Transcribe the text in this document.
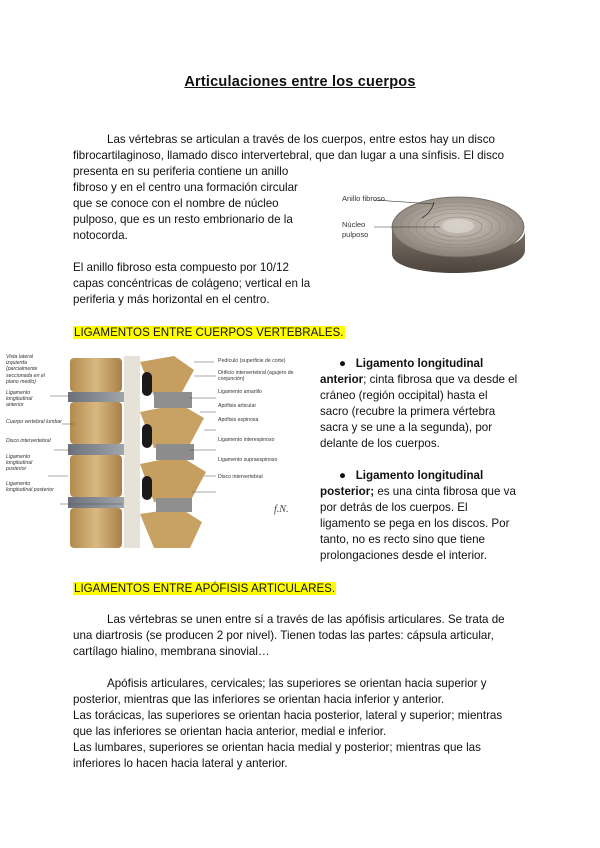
Articulaciones entre los cuerpos
Las vértebras se articulan a través de los cuerpos, entre estos hay un disco
fibrocartilaginoso, llamado disco intervertebral, que dan lugar a una sínfisis. El disco
presenta en su periferia contiene un anillo
fibroso y en el centro una formación circular
que se conoce con el nombre de núcleo
pulposo, que es un resto embrionario de la
notocorda.
El anillo fibroso esta compuesto por 10/12
capas concéntricas de colágeno; vertical en la
periferia y más horizontal en el centro.
Anillo fibroso
Núcleo
pulposo
LIGAMENTOS ENTRE CUERPOS VERTEBRALES.
f.N.
Vista lateral
izquierda
(parcialmente
seccionada en el
plano medio)
Ligamento
longitudinal
anterior
Cuerpo vertebral lumbar
Disco intervertebral
Ligamento
longitudinal
posterior
Ligamento
longitudinal posterior
Pedículo (superficie de corte)
Orificio intervertebral (agujero de conjunción)
Ligamento amarillo
Apófisis articular
Apófisis espinosa
Ligamento interespinoso
Ligamento supraespinoso
Disco intervertebral
● Ligamento longitudinal
anterior; cinta fibrosa que va desde el
cráneo (región occipital) hasta el
sacro (recubre la primera vértebra
sacra y se une a la segunda), por
delante de los cuerpos.
● Ligamento longitudinal
posterior; es una cinta fibrosa que va
por detrás de los cuerpos. El
ligamento se pega en los discos. Por
tanto, no es recto sino que tiene
prolongaciones desde el interior.
LIGAMENTOS ENTRE APÓFISIS ARTICULARES.
Las vértebras se unen entre sí a través de las apófisis articulares. Se trata de
una diartrosis (se producen 2 por nivel). Tienen todas las partes: cápsula articular,
cartílago hialino, membrana sinovial…
Apófisis articulares, cervicales; las superiores se orientan hacia superior y
posterior, mientras que las inferiores se orientan hacia inferior y anterior.
Las torácicas, las superiores se orientan hacia posterior, lateral y superior; mientras
que las inferiores se orientan hacia anterior, medial e inferior.
Las lumbares, superiores se orientan hacia medial y posterior; mientras que las
inferiores lo hacen hacia lateral y anterior.
